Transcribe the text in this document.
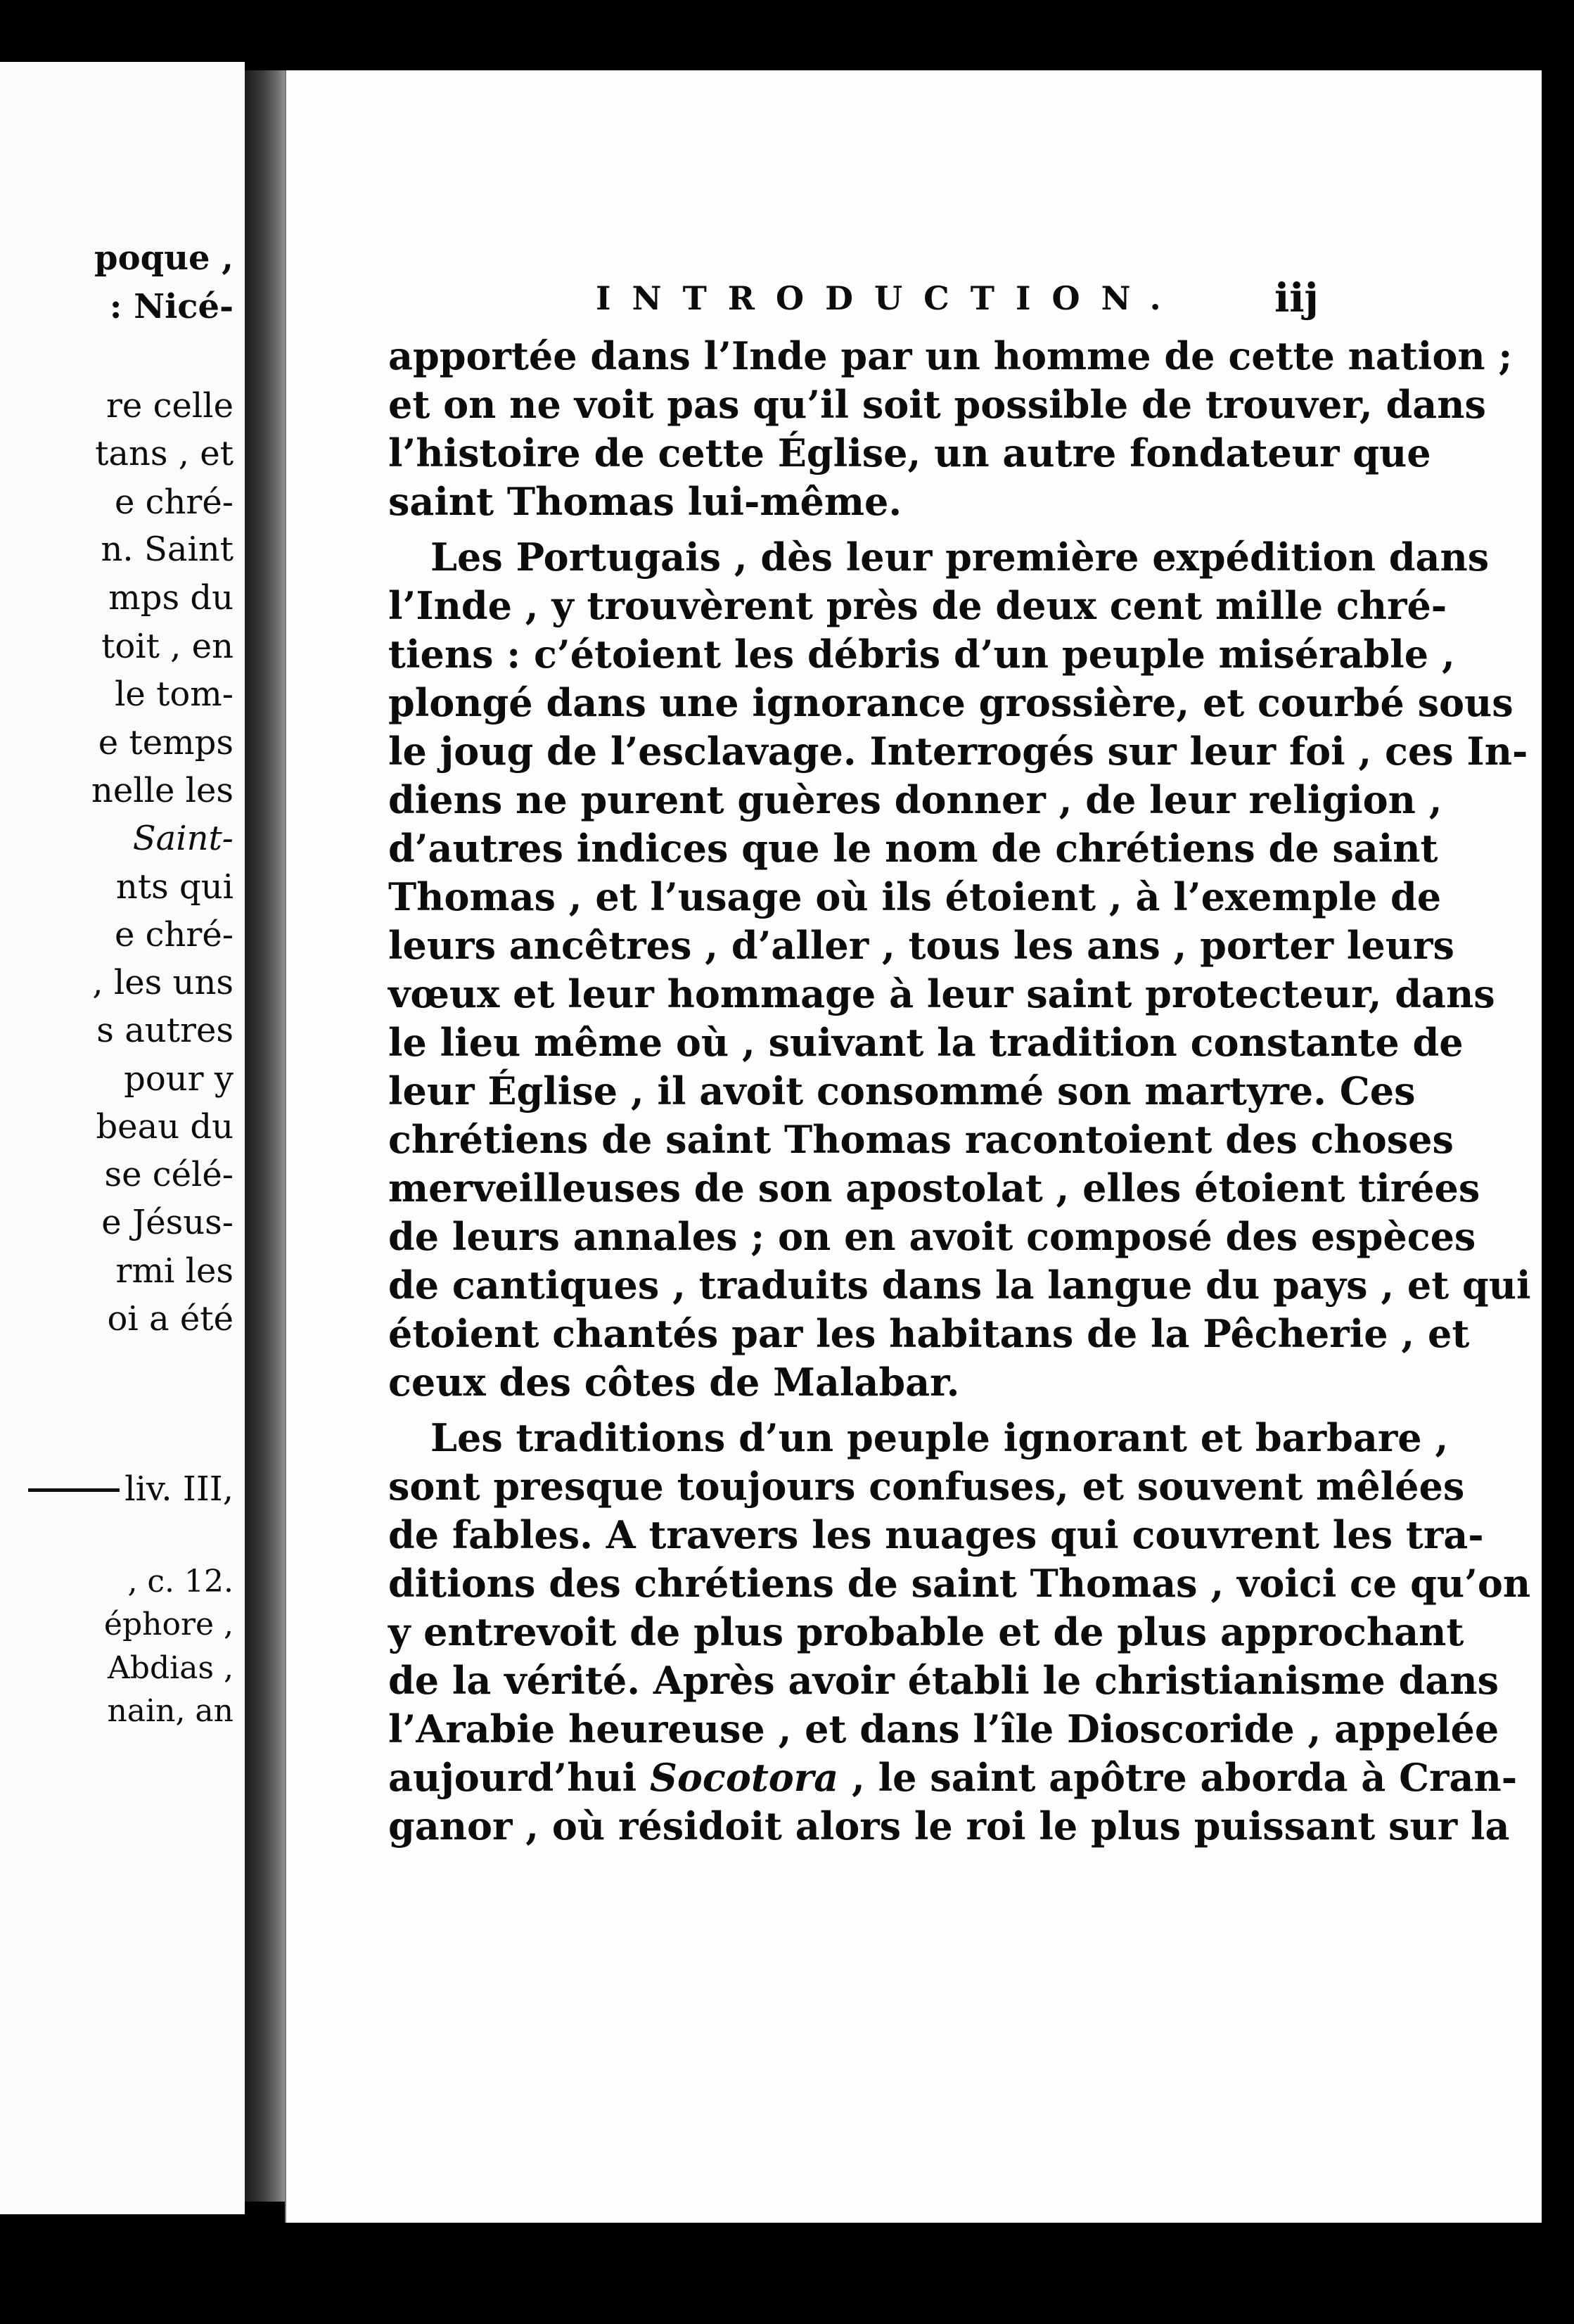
poque ,
: Nicé-
re celle
tans , et
e chré-
n. Saint
mps du
toit , en
le tom-
e temps
nelle les
Saint-
nts qui
e chré-
, les uns
s autres
pour y
beau du
se célé-
e Jésus-
rmi les
oi a été
liv. III,
, c. 12.
éphore ,
Abdias ,
nain, an
INTRODUCTION. iij
apportée dans l’Inde par un homme de cette nation ;
et on ne voit pas qu’il soit possible de trouver, dans
l’histoire de cette Église, un autre fondateur que
saint Thomas lui-même.
Les Portugais , dès leur première expédition dans
l’Inde , y trouvèrent près de deux cent mille chré-
tiens : c’étoient les débris d’un peuple misérable ,
plongé dans une ignorance grossière, et courbé sous
le joug de l’esclavage. Interrogés sur leur foi , ces In-
diens ne purent guères donner , de leur religion ,
d’autres indices que le nom de chrétiens de saint
Thomas , et l’usage où ils étoient , à l’exemple de
leurs ancêtres , d’aller , tous les ans , porter leurs
vœux et leur hommage à leur saint protecteur, dans
le lieu même où , suivant la tradition constante de
leur Église , il avoit consommé son martyre. Ces
chrétiens de saint Thomas racontoient des choses
merveilleuses de son apostolat , elles étoient tirées
de leurs annales ; on en avoit composé des espèces
de cantiques , traduits dans la langue du pays , et qui
étoient chantés par les habitans de la Pêcherie , et
ceux des côtes de Malabar.
Les traditions d’un peuple ignorant et barbare ,
sont presque toujours confuses, et souvent mêlées
de fables. A travers les nuages qui couvrent les tra-
ditions des chrétiens de saint Thomas , voici ce qu’on
y entrevoit de plus probable et de plus approchant
de la vérité. Après avoir établi le christianisme dans
l’Arabie heureuse , et dans l’île Dioscoride , appelée
aujourd’hui Socotora , le saint apôtre aborda à Cran-
ganor , où résidoit alors le roi le plus puissant sur la
